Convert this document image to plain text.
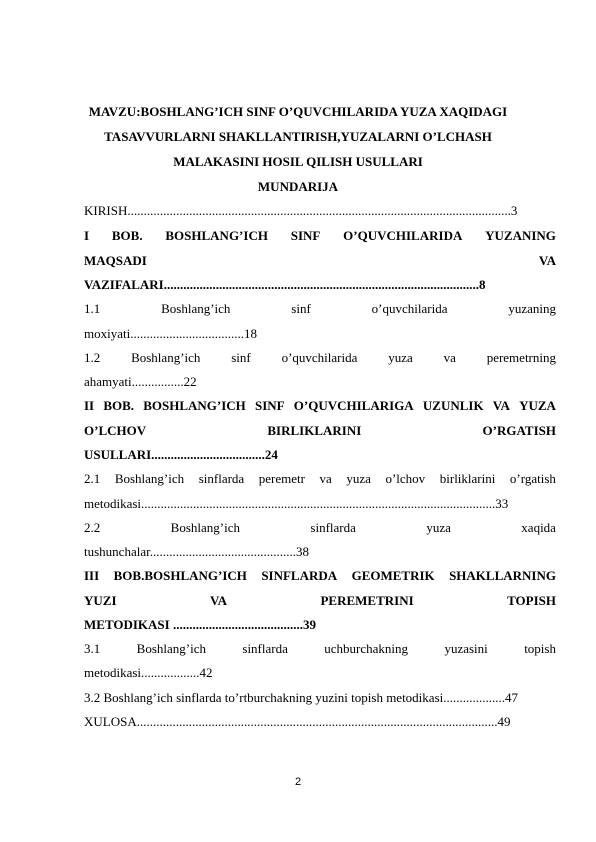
MAVZU:BOSHLANG’ICH SINF O’QUVCHILARIDA YUZA XAQIDAGI
TASAVVURLARNI SHAKLLANTIRISH,YUZALARNI O’LCHASH
MALAKASINI HOSIL QILISH USULLARI
MUNDARIJA
KIRISH......................................................................................................................3
I BOB. BOSHLANG’ICH SINF O’QUVCHILARIDA YUZANING
MAQSADI	VA
VAZIFALARI.................................................................................................8
1.1	Boshlang’ich	sinf	o’quvchilarida	yuzaning
moxiyati...................................18
1.2 Boshlang’ich sinf o’quvchilarida yuza va peremetrning
ahamyati................22
II BOB. BOSHLANG’ICH SINF O’QUVCHILARIGA UZUNLIK VA YUZA
O’LCHOV	BIRLIKLARINI	O’RGATISH
USULLARI...................................24
2.1 Boshlang’ich sinflarda peremetr va yuza o’lchov birliklarini o’rgatish
metodikasi.............................................................................................................33
2.2	Boshlang’ich	sinflarda	yuza	xaqida
tushunchalar.............................................38
III BOB.BOSHLANG’ICH SINFLARDA GEOMETRIK SHAKLLARNING
YUZI	VA	PEREMETRINI	TOPISH
METODIKASI ........................................39
3.1	Boshlang’ich	sinflarda	uchburchakning	yuzasini	topish
metodikasi..................42
3.2 Boshlang’ich sinflarda to’rtburchakning yuzini topish metodikasi...................47
XULOSA...............................................................................................................49
2
